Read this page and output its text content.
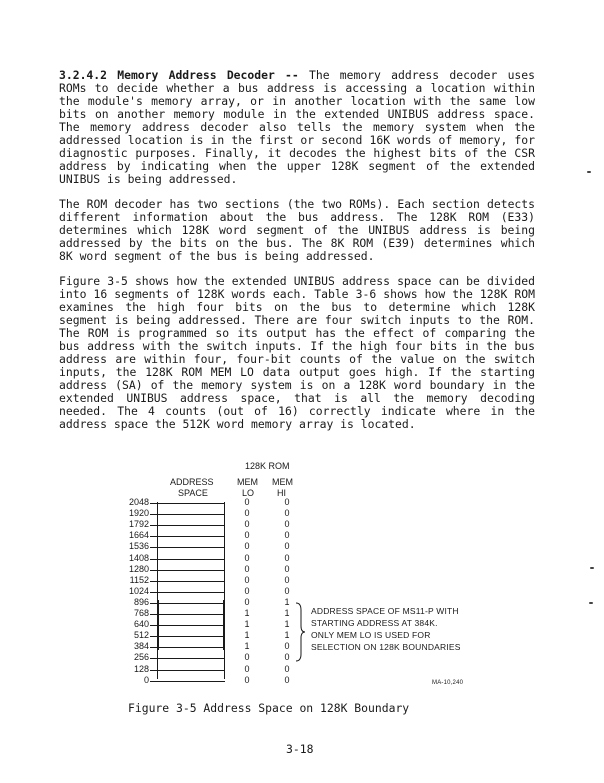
3.2.4.2 Memory Address Decoder -- The memory address decoder uses ROMs to decide whether a bus address is accessing a location within the module's memory array, or in another location with the same low bits on another memory module in the extended UNIBUS address space. The memory address decoder also tells the memory system when the addressed location is in the first or second 16K words of memory, for diagnostic purposes. Finally, it decodes the highest bits of the CSR address by indicating when the upper 128K segment of the extended UNIBUS is being addressed.

The ROM decoder has two sections (the two ROMs). Each section detects different information about the bus address. The 128K ROM (E33) determines which 128K word segment of the UNIBUS address is being addressed by the bits on the bus. The 8K ROM (E39) determines which 8K word segment of the bus is being addressed.

Figure 3-5 shows how the extended UNIBUS address space can be divided into 16 segments of 128K words each. Table 3-6 shows how the 128K ROM examines the high four bits on the bus to determine which 128K segment is being addressed. There are four switch inputs to the ROM. The ROM is programmed so its output has the effect of comparing the bus address with the switch inputs. If the high four bits in the bus address are within four, four-bit counts of the value on the switch inputs, the 128K ROM MEM LO data output goes high. If the starting address (SA) of the memory system is on a 128K word boundary in the extended UNIBUS address space, that is all the memory decoding needed. The 4 counts (out of 16) correctly indicate where in the address space the 512K word memory array is located.

128K ROM
ADDRESS
SPACE
MEM
LO
MEM
HI
2048	0	0
1920	0	0
1792	0	0
1664	0	0
1536	0	0
1408	0	0
1280	0	0
1152	0	0
1024	0	0
896	0	1
768	1	1
640	1	1
512	1	1
384	1	0
256	0	0
128	0	0
0	0	0
ADDRESS SPACE OF MS11-P WITH
STARTING ADDRESS AT 384K.
ONLY MEM LO IS USED FOR
SELECTION ON 128K BOUNDARIES
MA-10,240
Figure 3-5 Address Space on 128K Boundary
3-18
